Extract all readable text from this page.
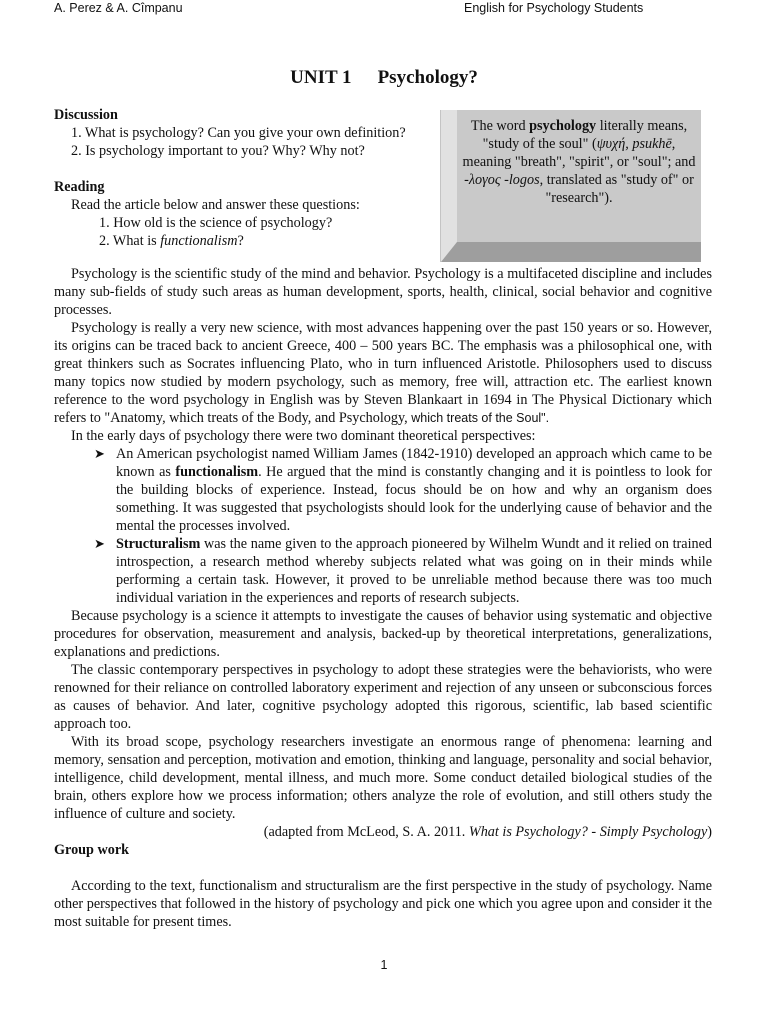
A. Perez & A. Cîmpanu	English for Psychology Students
UNIT 1 Psychology?
Discussion
1. What is psychology? Can you give your own definition?
2. Is psychology important to you? Why? Why not?
Reading
Read the article below and answer these questions:
1. How old is the science of psychology?
2. What is functionalism?
The word psychology literally means, "study of the soul" (ψυχή, psukhē, meaning "breath", "spirit", or "soul"; and -λογος -logos, translated as "study of" or "research").

Psychology is the scientific study of the mind and behavior. Psychology is a multifaceted discipline and includes many sub-fields of study such areas as human development, sports, health, clinical, social behavior and cognitive processes.

Psychology is really a very new science, with most advances happening over the past 150 years or so. However, its origins can be traced back to ancient Greece, 400 – 500 years BC. The emphasis was a philosophical one, with great thinkers such as Socrates influencing Plato, who in turn influenced Aristotle. Philosophers used to discuss many topics now studied by modern psychology, such as memory, free will, attraction etc. The earliest known reference to the word psychology in English was by Steven Blankaart in 1694 in The Physical Dictionary which refers to "Anatomy, which treats of the Body, and Psychology, which treats of the Soul".

In the early days of psychology there were two dominant theoretical perspectives:

➤ An American psychologist named William James (1842-1910) developed an approach which came to be known as functionalism. He argued that the mind is constantly changing and it is pointless to look for the building blocks of experience. Instead, focus should be on how and why an organism does something. It was suggested that psychologists should look for the underlying cause of behavior and the mental the processes involved.
➤ Structuralism was the name given to the approach pioneered by Wilhelm Wundt and it relied on trained introspection, a research method whereby subjects related what was going on in their minds while performing a certain task. However, it proved to be unreliable method because there was too much individual variation in the experiences and reports of research subjects.

Because psychology is a science it attempts to investigate the causes of behavior using systematic and objective procedures for observation, measurement and analysis, backed-up by theoretical interpretations, generalizations, explanations and predictions.

The classic contemporary perspectives in psychology to adopt these strategies were the behaviorists, who were renowned for their reliance on controlled laboratory experiment and rejection of any unseen or subconscious forces as causes of behavior. And later, cognitive psychology adopted this rigorous, scientific, lab based scientific approach too.

With its broad scope, psychology researchers investigate an enormous range of phenomena: learning and memory, sensation and perception, motivation and emotion, thinking and language, personality and social behavior, intelligence, child development, mental illness, and much more. Some conduct detailed biological studies of the brain, others explore how we process information; others analyze the role of evolution, and still others study the influence of culture and society.

(adapted from McLeod, S. A. 2011. What is Psychology? - Simply Psychology)
Group work

According to the text, functionalism and structuralism are the first perspective in the study of psychology. Name other perspectives that followed in the history of psychology and pick one which you agree upon and consider it the most suitable for present times.

1
